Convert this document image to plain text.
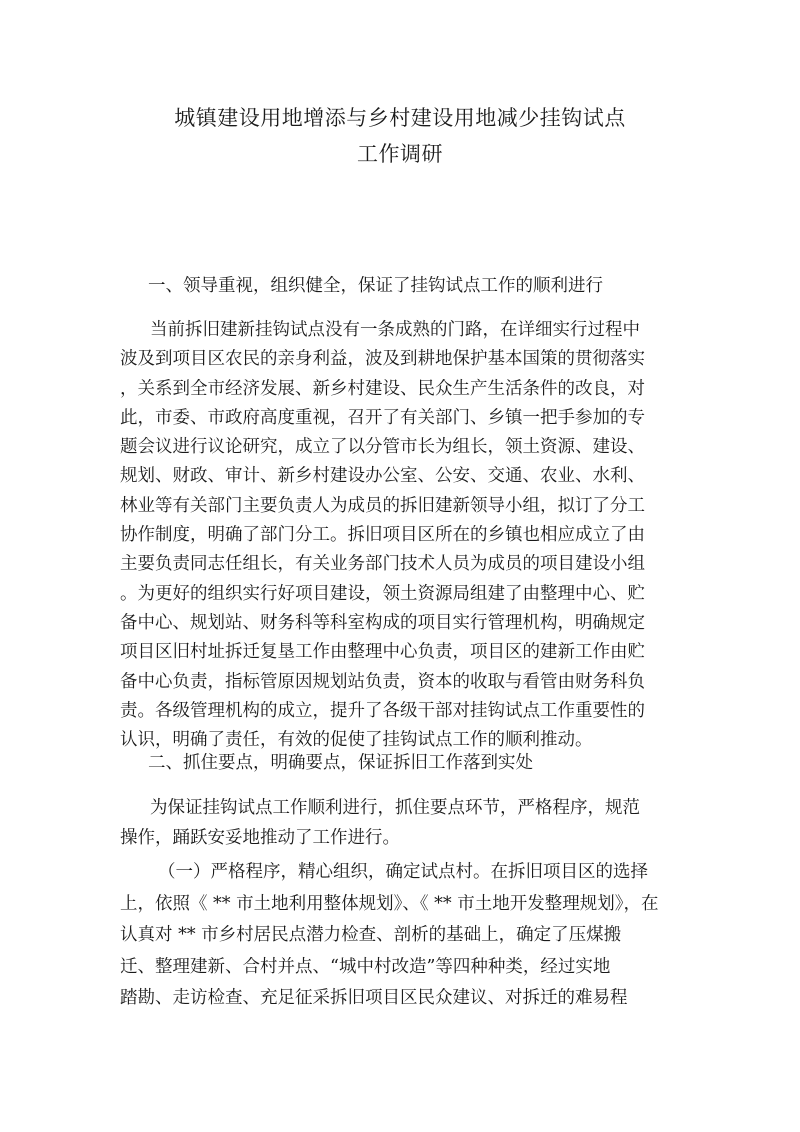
城镇建设用地增添与乡村建设用地减少挂钩试点
工作调研
一、领导重视，组织健全，保证了挂钩试点工作的顺利进行
当前拆旧建新挂钩试点没有一条成熟的门路，在详细实行过程中
波及到项目区农民的亲身利益，波及到耕地保护基本国策的贯彻落实
，关系到全市经济发展、新乡村建设、民众生产生活条件的改良，对
此，市委、市政府高度重视，召开了有关部门、乡镇一把手参加的专
题会议进行议论研究，成立了以分管市长为组长，领土资源、建设、
规划、财政、审计、新乡村建设办公室、公安、交通、农业、水利、
林业等有关部门主要负责人为成员的拆旧建新领导小组，拟订了分工
协作制度，明确了部门分工。拆旧项目区所在的乡镇也相应成立了由
主要负责同志任组长，有关业务部门技术人员为成员的项目建设小组
。为更好的组织实行好项目建设，领土资源局组建了由整理中心、贮
备中心、规划站、财务科等科室构成的项目实行管理机构，明确规定
项目区旧村址拆迁复垦工作由整理中心负责，项目区的建新工作由贮
备中心负责，指标管原因规划站负责，资本的收取与看管由财务科负
责。各级管理机构的成立，提升了各级干部对挂钩试点工作重要性的
认识，明确了责任，有效的促使了挂钩试点工作的顺利推动。
二、抓住要点，明确要点，保证拆旧工作落到实处
为保证挂钩试点工作顺利进行，抓住要点环节，严格程序，规范
操作，踊跃安妥地推动了工作进行。
（一）严格程序，精心组织，确定试点村。在拆旧项目区的选择
上，依照《 ** 市土地利用整体规划》、《 ** 市土地开发整理规划》，在
认真对 ** 市乡村居民点潜力检查、剖析的基础上，确定了压煤搬
迁、整理建新、合村并点、“城中村改造”等四种种类，经过实地
踏勘、走访检查、充足征采拆旧项目区民众建议、对拆迁的难易程
